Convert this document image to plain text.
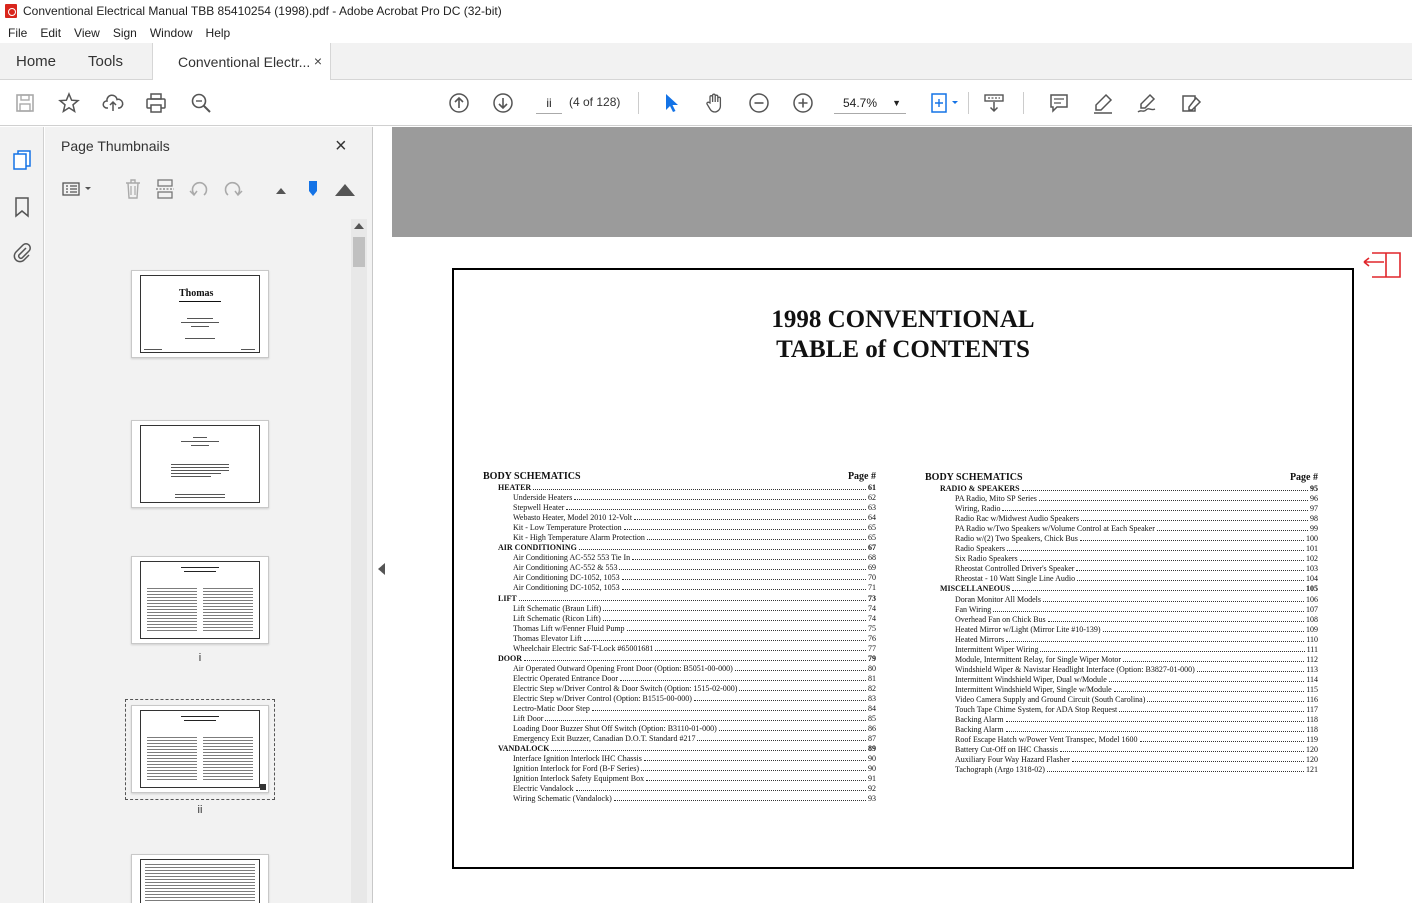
Conventional Electrical Manual TBB 85410254 (1998).pdf - Adobe Acrobat Pro DC (32-bit)
File Edit View Sign Window Help
Home Tools	Conventional Electr... ×
ii	(4 of 128)	54.7% ▼
Page Thumbnails	×
Thomas
i
ii
1998 CONVENTIONAL
TABLE of CONTENTS
BODY SCHEMATICS	Page #
HEATER	61
Underside Heaters	62
Stepwell Heater	63
Webasto Heater, Model 2010 12-Volt	64
Kit - Low Temperature Protection	65
Kit - High Temperature Alarm Protection	65
AIR CONDITIONING	67
Air Conditioning AC-552 553 Tie In	68
Air Conditioning AC-552 & 553	69
Air Conditioning DC-1052, 1053	70
Air Conditioning DC-1052, 1053	71
LIFT	73
Lift Schematic (Braun Lift)	74
Lift Schematic (Ricon Lift)	74
Thomas Lift w/Fenner Fluid Pump	75
Thomas Elevator Lift	76
Wheelchair Electric Saf-T-Lock #65001681	77
DOOR	79
Air Operated Outward Opening Front Door (Option: B5051-00-000)	80
Electric Operated Entrance Door	81
Electric Step w/Driver Control & Door Switch (Option: 1515-02-000)	82
Electric Step w/Driver Control (Option: B1515-00-000)	83
Lectro-Matic Door Step	84
Lift Door	85
Loading Door Buzzer Shut Off Switch (Option: B3110-01-000)	86
Emergency Exit Buzzer, Canadian D.O.T. Standard #217	87
VANDALOCK	89
Interface Ignition Interlock IHC Chassis	90
Ignition Interlock for Ford (B-F Series)	90
Ignition Interlock Safety Equipment Box	91
Electric Vandalock	92
Wiring Schematic (Vandalock)	93
BODY SCHEMATICS	Page #
RADIO & SPEAKERS	95
PA Radio, Mito SP Series	96
Wiring, Radio	97
Radio Rac w/Midwest Audio Speakers	98
PA Radio w/Two Speakers w/Volume Control at Each Speaker	99
Radio w/(2) Two Speakers, Chick Bus	100
Radio Speakers	101
Six Radio Speakers	102
Rheostat Controlled Driver's Speaker	103
Rheostat - 10 Watt Single Line Audio	104
MISCELLANEOUS	105
Doran Monitor All Models	106
Fan Wiring	107
Overhead Fan on Chick Bus	108
Heated Mirror w/Light (Mirror Lite #10-139)	109
Heated Mirrors	110
Intermittent Wiper Wiring	111
Module, Intermittent Relay, for Single Wiper Motor	112
Windshield Wiper & Navistar Headlight Interface (Option: B3827-01-000)	113
Intermittent Windshield Wiper, Dual w/Module	114
Intermittent Windshield Wiper, Single w/Module	115
Video Camera Supply and Ground Circuit (South Carolina)	116
Touch Tape Chime System, for ADA Stop Request	117
Backing Alarm	118
Backing Alarm	118
Roof Escape Hatch w/Power Vent Transpec, Model 1600	119
Battery Cut-Off on IHC Chassis	120
Auxiliary Four Way Hazard Flasher	120
Tachograph (Argo 1318-02)	121
